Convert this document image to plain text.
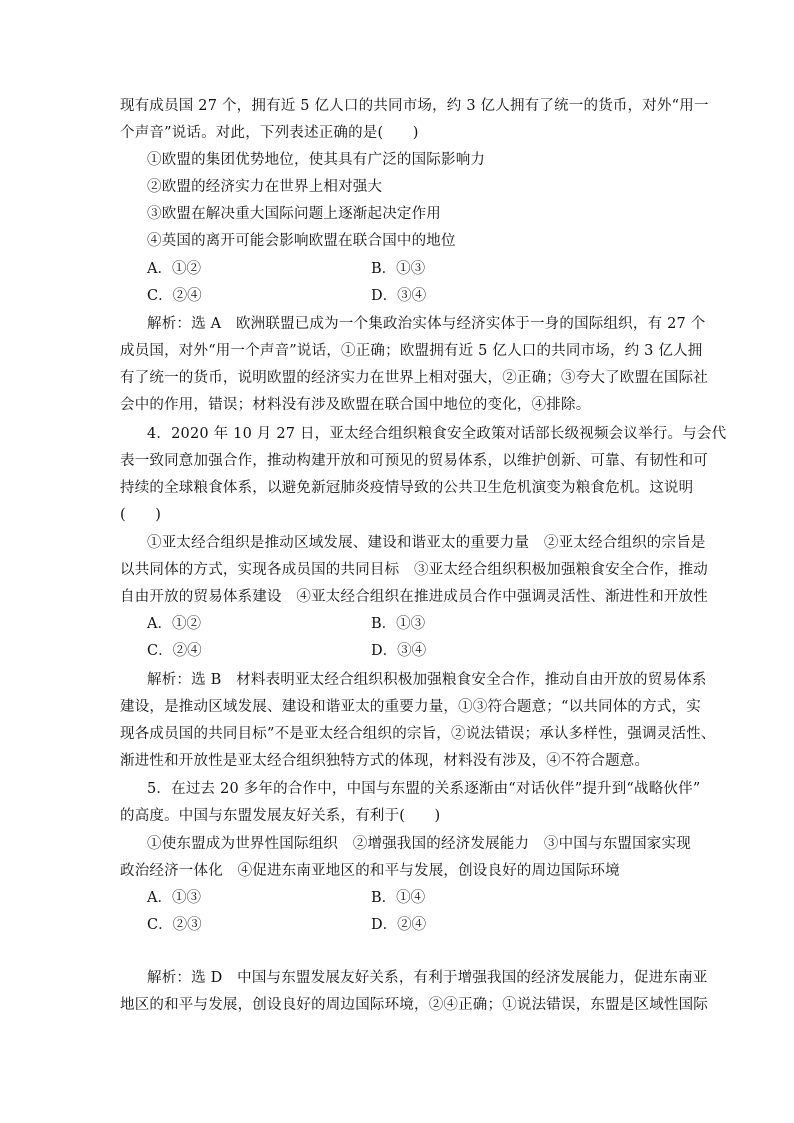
现有成员国 27 个，拥有近 5 亿人口的共同市场，约 3 亿人拥有了统一的货币，对外“用一
个声音”说话。对此，下列表述正确的是(　　)
①欧盟的集团优势地位，使其具有广泛的国际影响力
②欧盟的经济实力在世界上相对强大
③欧盟在解决重大国际问题上逐渐起决定作用
④英国的离开可能会影响欧盟在联合国中的地位
A．①②	B．①③
C．②④	D．③④
解析：选 A　欧洲联盟已成为一个集政治实体与经济实体于一身的国际组织，有 27 个
成员国，对外“用一个声音”说话，①正确；欧盟拥有近 5 亿人口的共同市场，约 3 亿人拥
有了统一的货币，说明欧盟的经济实力在世界上相对强大，②正确；③夸大了欧盟在国际社
会中的作用，错误；材料没有涉及欧盟在联合国中地位的变化，④排除。
4．2020 年 10 月 27 日，亚太经合组织粮食安全政策对话部长级视频会议举行。与会代
表一致同意加强合作，推动构建开放和可预见的贸易体系，以维护创新、可靠、有韧性和可
持续的全球粮食体系，以避免新冠肺炎疫情导致的公共卫生危机演变为粮食危机。这说明
(　　)
①亚太经合组织是推动区域发展、建设和谐亚太的重要力量　②亚太经合组织的宗旨是
以共同体的方式，实现各成员国的共同目标　③亚太经合组织积极加强粮食安全合作，推动
自由开放的贸易体系建设　④亚太经合组织在推进成员合作中强调灵活性、渐进性和开放性
A．①②	B．①③
C．②④	D．③④
解析：选 B　材料表明亚太经合组织积极加强粮食安全合作，推动自由开放的贸易体系
建设，是推动区域发展、建设和谐亚太的重要力量，①③符合题意；“以共同体的方式，实
现各成员国的共同目标”不是亚太经合组织的宗旨，②说法错误；承认多样性，强调灵活性、
渐进性和开放性是亚太经合组织独特方式的体现，材料没有涉及，④不符合题意。
5．在过去 20 多年的合作中，中国与东盟的关系逐渐由“对话伙伴”提升到“战略伙伴”
的高度。中国与东盟发展友好关系，有利于(　　)
①使东盟成为世界性国际组织　②增强我国的经济发展能力　③中国与东盟国家实现
政治经济一体化　④促进东南亚地区的和平与发展，创设良好的周边国际环境
A．①③	B．①④
C．②③	D．②④
解析：选 D　中国与东盟发展友好关系，有利于增强我国的经济发展能力，促进东南亚
地区的和平与发展，创设良好的周边国际环境，②④正确；①说法错误，东盟是区域性国际
